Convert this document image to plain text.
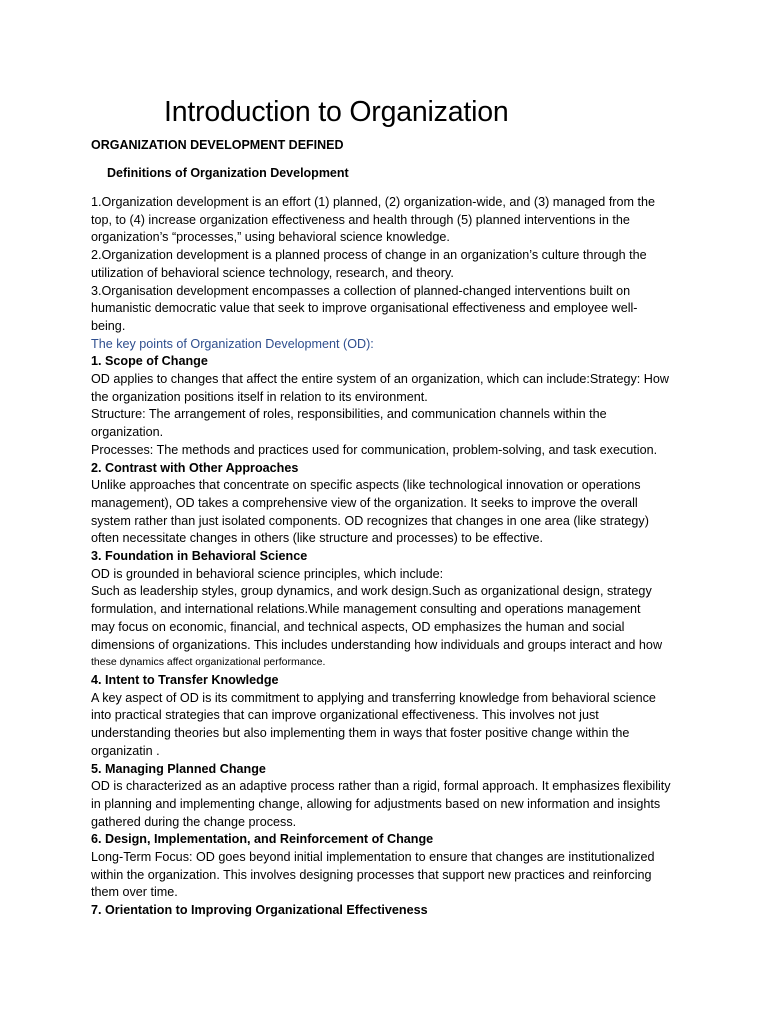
Introduction to Organization
ORGANIZATION DEVELOPMENT DEFINED
Definitions of Organization Development
1.Organization development is an effort (1) planned, (2) organization-wide, and (3) managed from the
top, to (4) increase organization effectiveness and health through (5) planned interventions in the
organization’s “processes,” using behavioral science knowledge.
2.Organization development is a planned process of change in an organization’s culture through the
utilization of behavioral science technology, research, and theory.
3.Organisation development encompasses a collection of planned-changed interventions built on
humanistic democratic value that seek to improve organisational effectiveness and employee well-
being.
The key points of Organization Development (OD):
1. Scope of Change
OD applies to changes that affect the entire system of an organization, which can include:Strategy: How
the organization positions itself in relation to its environment.
Structure: The arrangement of roles, responsibilities, and communication channels within the
organization.
Processes: The methods and practices used for communication, problem-solving, and task execution.
2. Contrast with Other Approaches
Unlike approaches that concentrate on specific aspects (like technological innovation or operations
management), OD takes a comprehensive view of the organization. It seeks to improve the overall
system rather than just isolated components. OD recognizes that changes in one area (like strategy)
often necessitate changes in others (like structure and processes) to be effective.
3. Foundation in Behavioral Science
OD is grounded in behavioral science principles, which include:
Such as leadership styles, group dynamics, and work design.Such as organizational design, strategy
formulation, and international relations.While management consulting and operations management
may focus on economic, financial, and technical aspects, OD emphasizes the human and social
dimensions of organizations. This includes understanding how individuals and groups interact and how
these dynamics affect organizational performance.
4. Intent to Transfer Knowledge
A key aspect of OD is its commitment to applying and transferring knowledge from behavioral science
into practical strategies that can improve organizational effectiveness. This involves not just
understanding theories but also implementing them in ways that foster positive change within the
organizatin .
5. Managing Planned Change
OD is characterized as an adaptive process rather than a rigid, formal approach. It emphasizes flexibility
in planning and implementing change, allowing for adjustments based on new information and insights
gathered during the change process.
6. Design, Implementation, and Reinforcement of Change
Long-Term Focus: OD goes beyond initial implementation to ensure that changes are institutionalized
within the organization. This involves designing processes that support new practices and reinforcing
them over time.
7. Orientation to Improving Organizational Effectiveness
